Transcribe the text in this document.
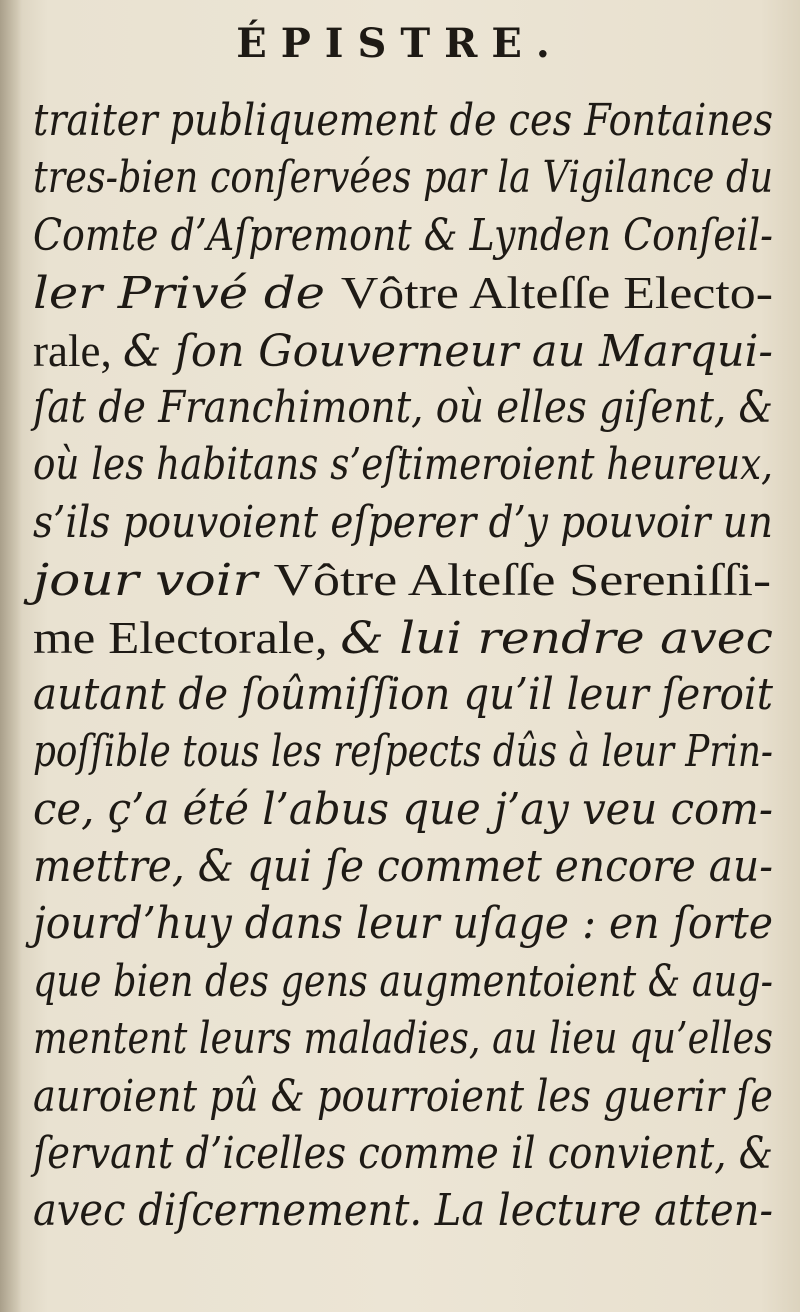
ÉPISTRE.
traiter publiquement de ces Fontaines
tres-bien conſervées par la Vigilance du
Comte d’Aſpremont & Lynden Conſeil-
ler Privé de Vôtre Alteſſe Electo-
rale, & ſon Gouverneur au Marqui-
ſat de Franchimont, où elles giſent, &
où les habitans s’eſtimeroient heureux,
s’ils pouvoient eſperer d’y pouvoir un
jour voir Vôtre Alteſſe Sereniſſi-
me Electorale, & lui rendre avec
autant de ſoûmiſſion qu’il leur ſeroit
poſſible tous les reſpects dûs à leur Prin-
ce, ç’a été l’abus que j’ay veu com-
mettre, & qui ſe commet encore au-
jourd’huy dans leur uſage : en ſorte
que bien des gens augmentoient & aug-
mentent leurs maladies, au lieu qu’elles
auroient pû & pourroient les guerir ſe
ſervant d’icelles comme il convient, &
avec diſcernement. La lecture atten-
